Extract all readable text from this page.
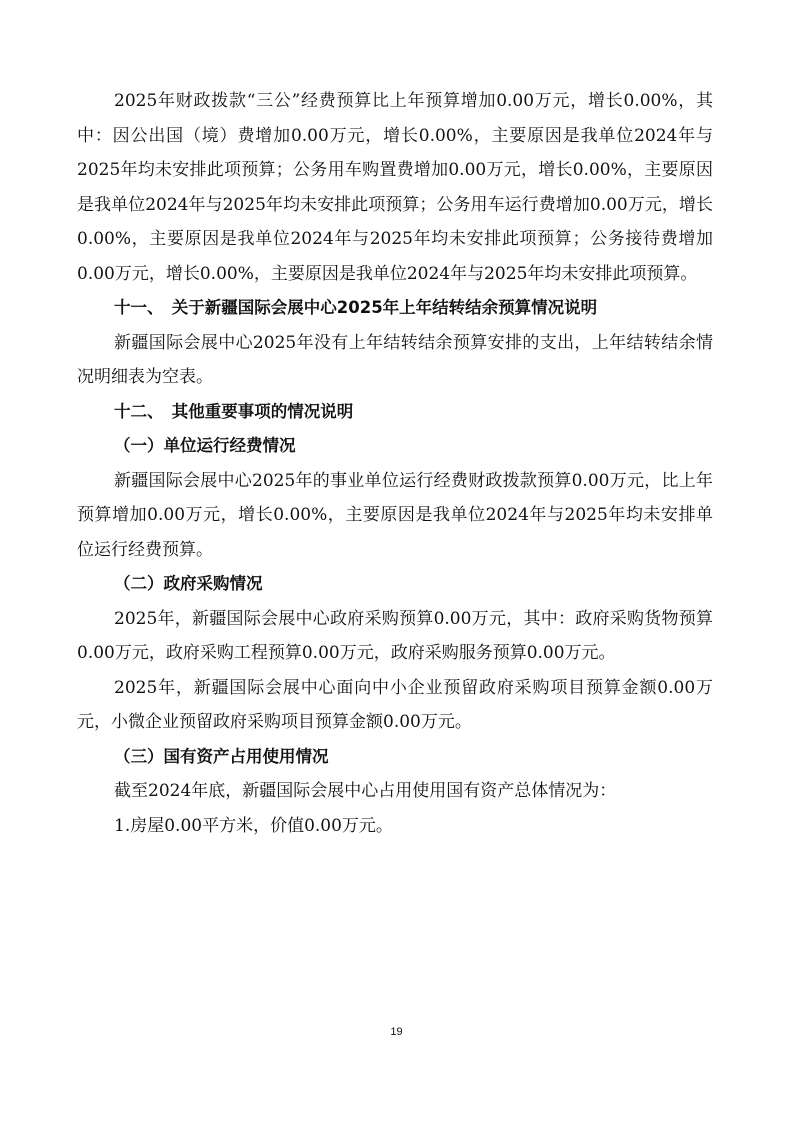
2025年财政拨款“三公”经费预算比上年预算增加0.00万元，增长0.00%，其中：因公出国（境）费增加0.00万元，增长0.00%，主要原因是我单位2024年与2025年均未安排此项预算；公务用车购置费增加0.00万元，增长0.00%，主要原因是我单位2024年与2025年均未安排此项预算；公务用车运行费增加0.00万元，增长0.00%，主要原因是我单位2024年与2025年均未安排此项预算；公务接待费增加0.00万元，增长0.00%，主要原因是我单位2024年与2025年均未安排此项预算。

十一、　关于新疆国际会展中心2025年上年结转结余预算情况说明

新疆国际会展中心2025年没有上年结转结余预算安排的支出，上年结转结余情况明细表为空表。

十二、　其他重要事项的情况说明

（一）单位运行经费情况

新疆国际会展中心2025年的事业单位运行经费财政拨款预算0.00万元，比上年预算增加0.00万元，增长0.00%，主要原因是我单位2024年与2025年均未安排单位运行经费预算。

（二）政府采购情况

2025年，新疆国际会展中心政府采购预算0.00万元，其中：政府采购货物预算0.00万元，政府采购工程预算0.00万元，政府采购服务预算0.00万元。

2025年，新疆国际会展中心面向中小企业预留政府采购项目预算金额0.00万元，小微企业预留政府采购项目预算金额0.00万元。

（三）国有资产占用使用情况

截至2024年底，新疆国际会展中心占用使用国有资产总体情况为：

1.房屋0.00平方米，价值0.00万元。

19
